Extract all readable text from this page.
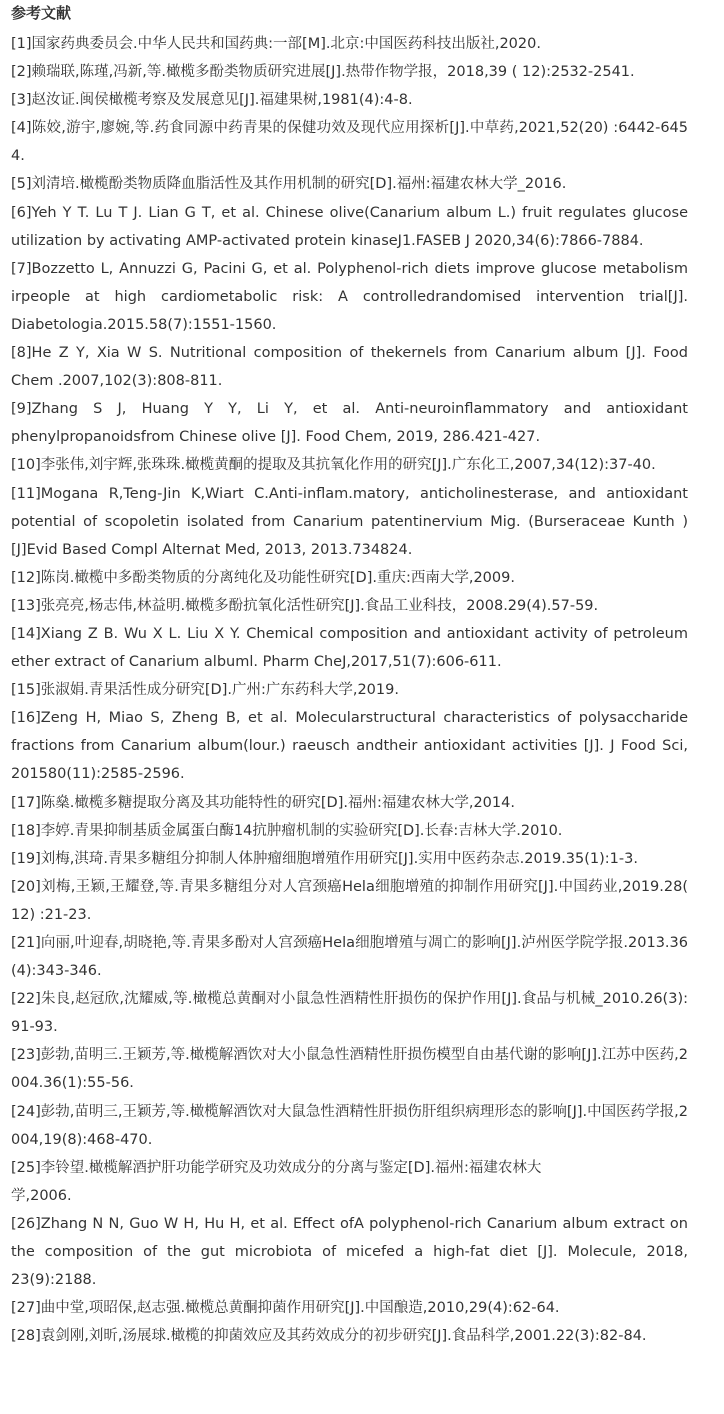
参考文献
[1]国家药典委员会.中华人民共和国药典:一部[M].北京:中国医药科技出版社,2020.
[2]赖瑞联,陈瑾,冯新,等.橄榄多酚类物质研究进展[J].热带作物学报，2018,39 ( 12):2532-2541.
[3]赵汝证.闽侯橄榄考察及发展意见[J].福建果树,1981(4):4-8.
[4]陈姣,游宇,廖婉,等.药食同源中药青果的保健功效及现代应用探析[J].中草药,2021,52(20) :6442-6454.
[5]刘清培.橄榄酚类物质降血脂活性及其作用机制的研究[D].福州:福建农林大学_2016.
[6]Yeh Y T. Lu T J. Lian G T, et al. Chinese olive(Canarium album L.) fruit regulates glucose utilization by activating AMP-activated protein kinaseJ1.FASEB J 2020,34(6):7866-7884.
[7]Bozzetto L, Annuzzi G, Pacini G, et al. Polyphenol-rich diets improve glucose metabolism irpeople at high cardiometabolic risk: A controlledrandomised intervention trial[J]. Diabetologia.2015.58(7):1551-1560.
[8]He Z Y, Xia W S. Nutritional composition of thekernels from Canarium album [J]. Food Chem .2007,102(3):808-811.
[9]Zhang S J, Huang Y Y, Li Y, et al. Anti-neuroinflammatory and antioxidant phenylpropanoidsfrom Chinese olive [J]. Food Chem, 2019, 286.421-427.
[10]李张伟,刘宇辉,张珠珠.橄榄黄酮的提取及其抗氧化作用的研究[J].广东化工,2007,34(12):37-40.
[11]Mogana R,Teng-Jin K,Wiart C.Anti-inflam.matory, anticholinesterase, and antioxidant potential of scopoletin isolated from Canarium patentinervium Mig. (Burseraceae Kunth )[J]Evid Based Compl Alternat Med, 2013, 2013.734824.
[12]陈岗.橄榄中多酚类物质的分离纯化及功能性研究[D].重庆:西南大学,2009.
[13]张亮亮,杨志伟,林益明.橄榄多酚抗氧化活性研究[J].食品工业科技，2008.29(4).57-59.
[14]Xiang Z B. Wu X L. Liu X Y. Chemical composition and antioxidant activity of petroleum ether extract of Canarium albuml. Pharm CheJ,2017,51(7):606-611.
[15]张淑娟.青果活性成分研究[D].广州:广东药科大学,2019.
[16]Zeng H, Miao S, Zheng B, et al. Molecularstructural characteristics of polysaccharide fractions from Canarium album(lour.) raeusch andtheir antioxidant activities [J]. J Food Sci, 201580(11):2585-2596.
[17]陈燊.橄榄多糖提取分离及其功能特性的研究[D].福州:福建农林大学,2014.
[18]李婷.青果抑制基质金属蛋白酶14抗肿瘤机制的实验研究[D].长春:吉林大学.2010.
[19]刘梅,淇琦.青果多糖组分抑制人体肿瘤细胞增殖作用研究[J].实用中医药杂志.2019.35(1):1-3.
[20]刘梅,王颖,王耀登,等.青果多糖组分对人宫颈癌Hela细胞增殖的抑制作用研究[J].中国药业,2019.28( 12) :21-23.
[21]向丽,叶迎春,胡晓艳,等.青果多酚对人宫颈癌Hela细胞增殖与凋亡的影响[J].泸州医学院学报.2013.36(4):343-346.
[22]朱良,赵冠欣,沈耀威,等.橄榄总黄酮对小鼠急性酒精性肝损伤的保护作用[J].食品与机械_2010.26(3):91-93.
[23]彭勃,苗明三.王颖芳,等.橄榄解酒饮对大小鼠急性酒精性肝损伤模型自由基代谢的影响[J].江苏中医药,2004.36(1):55-56.
[24]彭勃,苗明三,王颖芳,等.橄榄解酒饮对大鼠急性酒精性肝损伤肝组织病理形态的影响[J].中国医药学报,2004,19(8):468-470.
[25]李铃望.橄榄解酒护肝功能学研究及功效成分的分离与鉴定[D].福州:福建农林大
学,2006.
[26]Zhang N N, Guo W H, Hu H, et al. Effect ofA polyphenol-rich Canarium album extract on the composition of the gut microbiota of micefed a high-fat diet [J]. Molecule, 2018, 23(9):2188.
[27]曲中堂,项昭保,赵志强.橄榄总黄酮抑菌作用研究[J].中国酿造,2010,29(4):62-64.
[28]袁剑刚,刘昕,汤展球.橄榄的抑菌效应及其药效成分的初步研究[J].食品科学,2001.22(3):82-84.
